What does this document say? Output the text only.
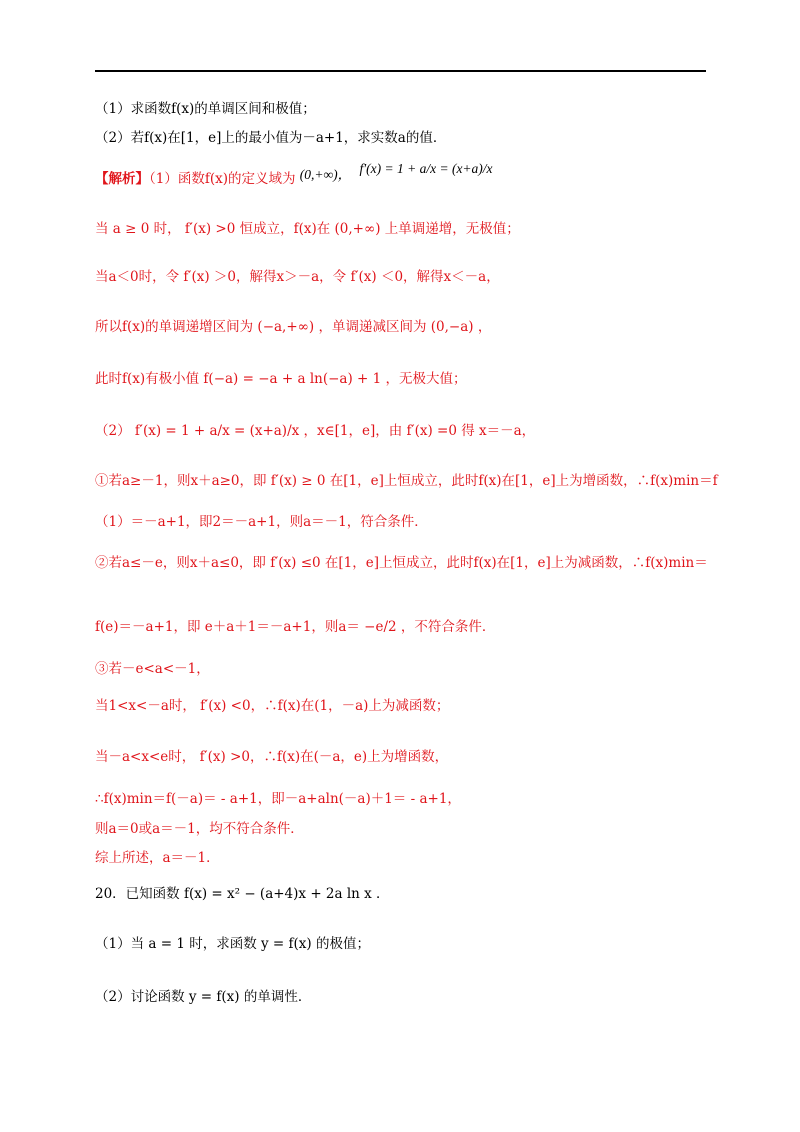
（1）求函数f(x)的单调区间和极值；
（2）若f(x)在[1，e]上的最小值为－a+1，求实数a的值．
【解析】（1）函数f(x)的定义域为 (0,+∞)， f′(x) = 1 + a/x = (x+a)/x
当 a ≥ 0 时， f′(x) >0 恒成立，f(x)在 (0,+∞) 上单调递增，无极值；
当a＜0时，令 f′(x) ＞0，解得x＞－a，令 f′(x) ＜0，解得x＜－a，
所以f(x)的单调递增区间为 (−a,+∞) ，单调递减区间为 (0,−a) ，
此时f(x)有极小值 f(−a) = −a + a ln(−a) + 1 ，无极大值；
（2） f′(x) = 1 + a/x = (x+a)/x ，x∈[1，e]，由 f′(x) =0 得 x＝－a，
①若a≥－1，则x＋a≥0，即 f′(x) ≥ 0 在[1，e]上恒成立，此时f(x)在[1，e]上为增函数，∴f(x)min＝f
（1）＝－a+1，即2＝－a+1，则a＝－1，符合条件．
②若a≤－e，则x＋a≤0，即 f′(x) ≤0 在[1，e]上恒成立，此时f(x)在[1，e]上为减函数，∴f(x)min＝
f(e)＝－a+1，即 e＋a＋1＝－a+1，则a＝ −e/2 ，不符合条件．
③若－e<a<－1，
当1<x<－a时， f′(x) <0，∴f(x)在(1，－a)上为减函数；
当－a<x<e时， f′(x) >0，∴f(x)在(－a，e)上为增函数，
∴f(x)min＝f(－a)＝ - a+1，即－a+aln(－a)＋1＝ - a+1，
则a＝0或a＝－1，均不符合条件．
综上所述，a＝－1．
20．已知函数 f(x) = x² − (a+4)x + 2a ln x ．
（1）当 a = 1 时，求函数 y = f(x) 的极值；
（2）讨论函数 y = f(x) 的单调性．
